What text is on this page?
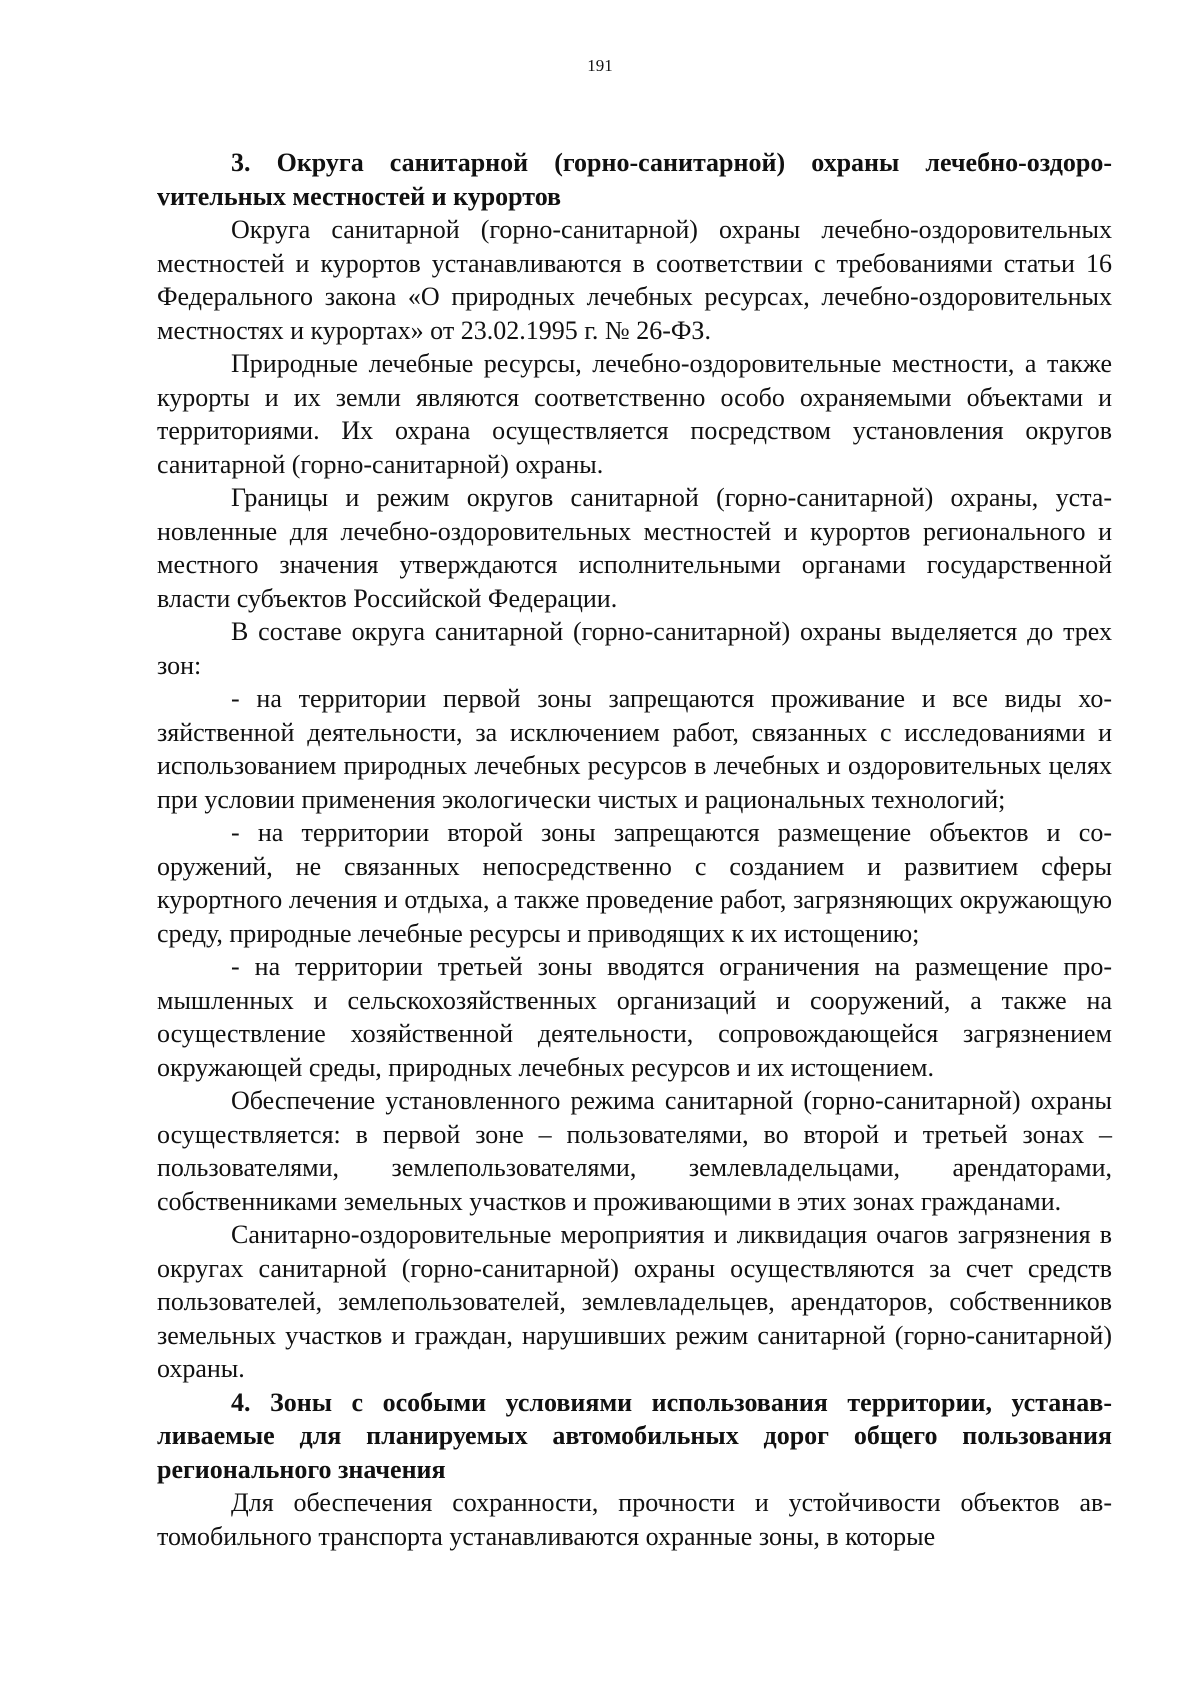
191

3. Округа санитарной (горно-санитарной) охраны лечебно-оздороvительных местностей и курортов

Округа санитарной (горно-санитарной) охраны лечебно-оздоровительных местностей и курортов устанавливаются в соответствии с требованиями статьи 16 Федерального закона «О природных лечебных ресурсах, лечебно-оздоровительных местностях и курортах» от 23.02.1995 г. № 26-ФЗ.

Природные лечебные ресурсы, лечебно-оздоровительные местности, а также курорты и их земли являются соответственно особо охраняемыми объектами и территориями. Их охрана осуществляется посредством установления округов санитарной (горно-санитарной) охраны.

Границы и режим округов санитарной (горно-санитарной) охраны, установленные для лечебно-оздоровительных местностей и курортов регионального и местного значения утверждаются исполнительными органами государственной власти субъектов Российской Федерации.

В составе округа санитарной (горно-санитарной) охраны выделяется до трех зон:

- на территории первой зоны запрещаются проживание и все виды хозяйственной деятельности, за исключением работ, связанных с исследованиями и использованием природных лечебных ресурсов в лечебных и оздоровительных целях при условии применения экологически чистых и рациональных технологий;

- на территории второй зоны запрещаются размещение объектов и сооружений, не связанных непосредственно с созданием и развитием сферы курортного лечения и отдыха, а также проведение работ, загрязняющих окружающую среду, природные лечебные ресурсы и приводящих к их истощению;

- на территории третьей зоны вводятся ограничения на размещение промышленных и сельскохозяйственных организаций и сооружений, а также на осуществление хозяйственной деятельности, сопровождающейся загрязнением окружающей среды, природных лечебных ресурсов и их истощением.

Обеспечение установленного режима санитарной (горно-санитарной) охраны осуществляется: в первой зоне – пользователями, во второй и третьей зонах – пользователями, землепользователями, землевладельцами, арендаторами, собственниками земельных участков и проживающими в этих зонах гражданами.

Санитарно-оздоровительные мероприятия и ликвидация очагов загрязнения в округах санитарной (горно-санитарной) охраны осуществляются за счет средств пользователей, землепользователей, землевладельцев, арендаторов, собственников земельных участков и граждан, нарушивших режим санитарной (горно-санитарной) охраны.

4. Зоны с особыми условиями использования территории, устанавливаемые для планируемых автомобильных дорог общего пользования регионального значения

Для обеспечения сохранности, прочности и устойчивости объектов автомобильного транспорта устанавливаются охранные зоны, в которые
